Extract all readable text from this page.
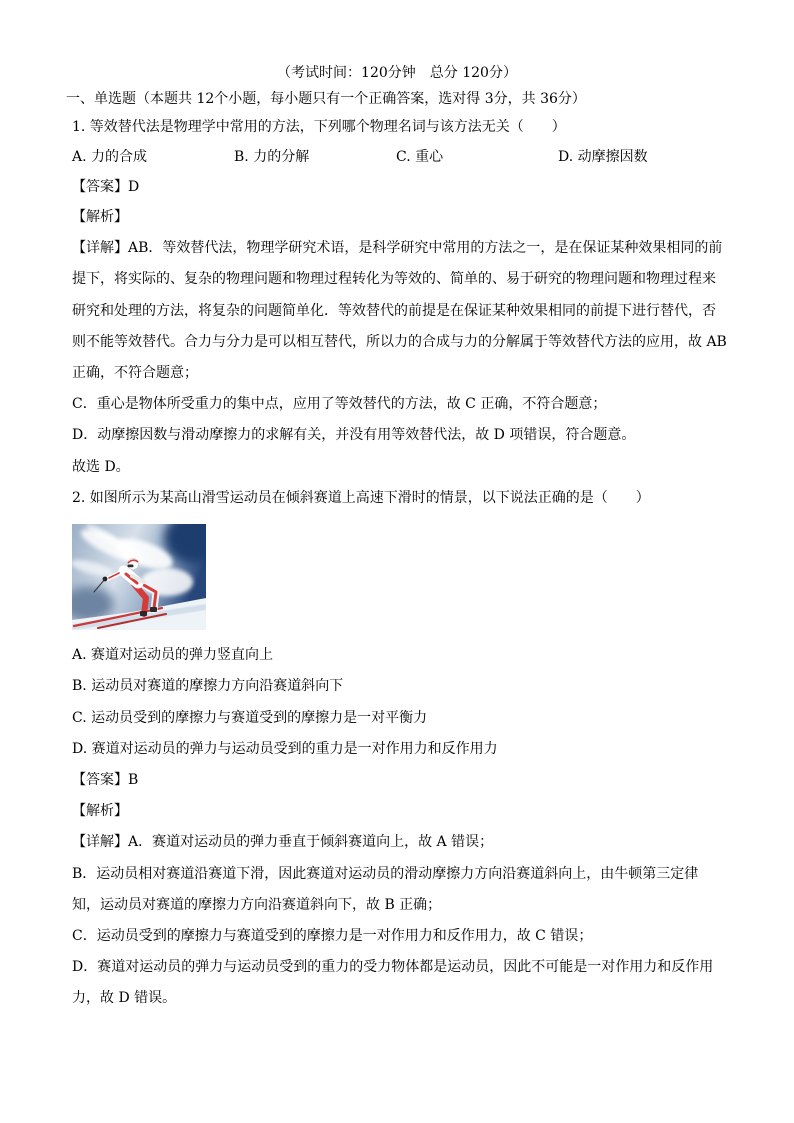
（考试时间：120分钟　总分 120分）
一、单选题（本题共 12个小题，每小题只有一个正确答案，选对得 3分，共 36分）
1. 等效替代法是物理学中常用的方法，下列哪个物理名词与该方法无关（　　）
A. 力的合成	B. 力的分解	C. 重心	D. 动摩擦因数
【答案】D
【解析】
【详解】AB．等效替代法，物理学研究术语，是科学研究中常用的方法之一，是在保证某种效果相同的前
提下，将实际的、复杂的物理问题和物理过程转化为等效的、简单的、易于研究的物理问题和物理过程来
研究和处理的方法，将复杂的问题简单化．等效替代的前提是在保证某种效果相同的前提下进行替代，否
则不能等效替代。合力与分力是可以相互替代，所以力的合成与力的分解属于等效替代方法的应用，故 AB
正确，不符合题意；
C．重心是物体所受重力的集中点，应用了等效替代的方法，故 C 正确，不符合题意；
D．动摩擦因数与滑动摩擦力的求解有关，并没有用等效替代法，故 D 项错误，符合题意。
故选 D。
2. 如图所示为某高山滑雪运动员在倾斜赛道上高速下滑时的情景，以下说法正确的是（　　）
A. 赛道对运动员的弹力竖直向上
B. 运动员对赛道的摩擦力方向沿赛道斜向下
C. 运动员受到的摩擦力与赛道受到的摩擦力是一对平衡力
D. 赛道对运动员的弹力与运动员受到的重力是一对作用力和反作用力
【答案】B
【解析】
【详解】A．赛道对运动员的弹力垂直于倾斜赛道向上，故 A 错误；
B．运动员相对赛道沿赛道下滑，因此赛道对运动员的滑动摩擦力方向沿赛道斜向上，由牛顿第三定律
知，运动员对赛道的摩擦力方向沿赛道斜向下，故 B 正确；
C．运动员受到的摩擦力与赛道受到的摩擦力是一对作用力和反作用力，故 C 错误；
D．赛道对运动员的弹力与运动员受到的重力的受力物体都是运动员，因此不可能是一对作用力和反作用
力，故 D 错误。
